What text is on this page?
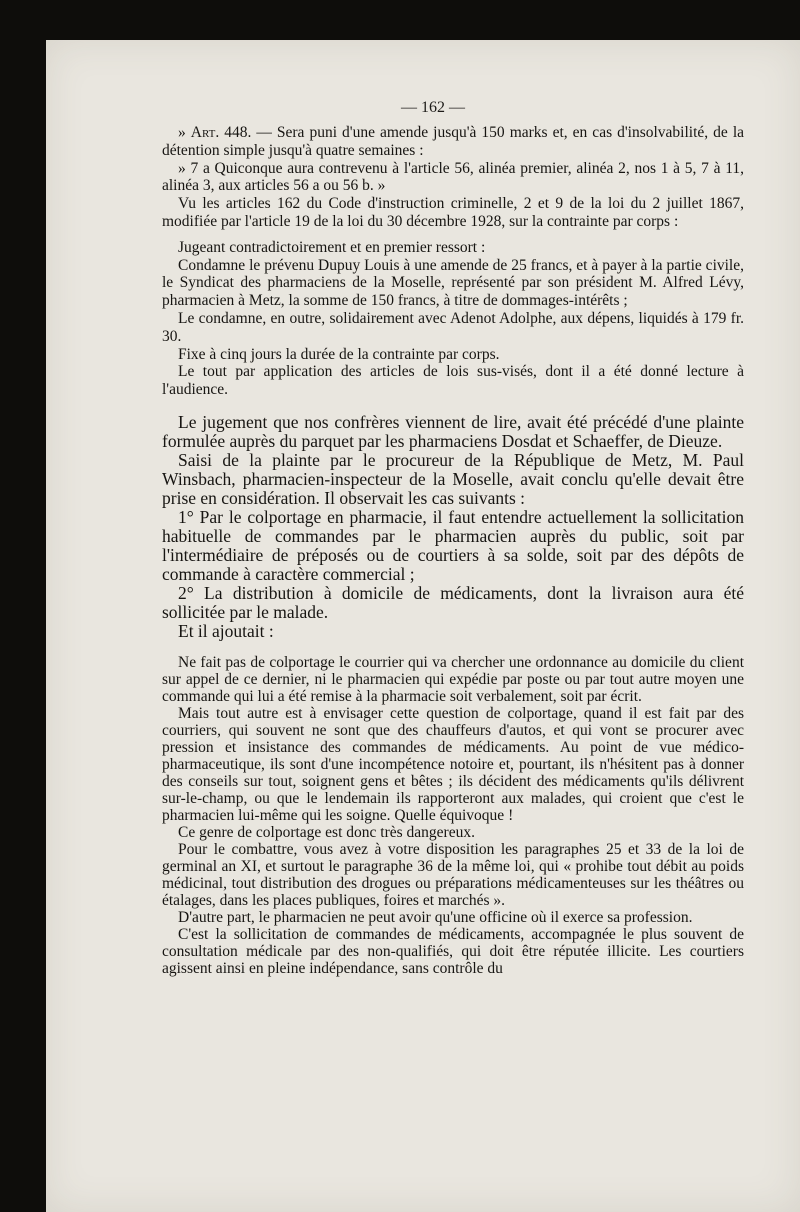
— 162 —

» Art. 448. — Sera puni d'une amende jusqu'à 150 marks et, en cas d'insolvabilité, de la détention simple jusqu'à quatre semaines :

» 7 a Quiconque aura contrevenu à l'article 56, alinéa premier, alinéa 2, nos 1 à 5, 7 à 11, alinéa 3, aux articles 56 a ou 56 b. »

Vu les articles 162 du Code d'instruction criminelle, 2 et 9 de la loi du 2 juillet 1867, modifiée par l'article 19 de la loi du 30 décembre 1928, sur la contrainte par corps :

Jugeant contradictoirement et en premier ressort :

Condamne le prévenu Dupuy Louis à une amende de 25 francs, et à payer à la partie civile, le Syndicat des pharmaciens de la Moselle, représenté par son président M. Alfred Lévy, pharmacien à Metz, la somme de 150 francs, à titre de dommages-intérêts ;

Le condamne, en outre, solidairement avec Adenot Adolphe, aux dépens, liquidés à 179 fr. 30.

Fixe à cinq jours la durée de la contrainte par corps.

Le tout par application des articles de lois sus-visés, dont il a été donné lecture à l'audience.

Le jugement que nos confrères viennent de lire, avait été précédé d'une plainte formulée auprès du parquet par les pharmaciens Dosdat et Schaeffer, de Dieuze.

Saisi de la plainte par le procureur de la République de Metz, M. Paul Winsbach, pharmacien-inspecteur de la Moselle, avait conclu qu'elle devait être prise en considération. Il observait les cas suivants :

1° Par le colportage en pharmacie, il faut entendre actuellement la sollicitation habituelle de commandes par le pharmacien auprès du public, soit par l'intermédiaire de préposés ou de courtiers à sa solde, soit par des dépôts de commande à caractère commercial ;

2° La distribution à domicile de médicaments, dont la livraison aura été sollicitée par le malade.

Et il ajoutait :

Ne fait pas de colportage le courrier qui va chercher une ordonnance au domicile du client sur appel de ce dernier, ni le pharmacien qui expédie par poste ou par tout autre moyen une commande qui lui a été remise à la pharmacie soit verbalement, soit par écrit.

Mais tout autre est à envisager cette question de colportage, quand il est fait par des courriers, qui souvent ne sont que des chauffeurs d'autos, et qui vont se procurer avec pression et insistance des commandes de médicaments. Au point de vue médico-pharmaceutique, ils sont d'une incompétence notoire et, pourtant, ils n'hésitent pas à donner des conseils sur tout, soignent gens et bêtes ; ils décident des médicaments qu'ils délivrent sur-le-champ, ou que le lendemain ils rapporteront aux malades, qui croient que c'est le pharmacien lui-même qui les soigne. Quelle équivoque !

Ce genre de colportage est donc très dangereux.

Pour le combattre, vous avez à votre disposition les paragraphes 25 et 33 de la loi de germinal an XI, et surtout le paragraphe 36 de la même loi, qui « prohibe tout débit au poids médicinal, tout distribution des drogues ou préparations médicamenteuses sur les théâtres ou étalages, dans les places publiques, foires et marchés ».

D'autre part, le pharmacien ne peut avoir qu'une officine où il exerce sa profession.

C'est la sollicitation de commandes de médicaments, accompagnée le plus souvent de consultation médicale par des non-qualifiés, qui doit être réputée illicite. Les courtiers agissent ainsi en pleine indépendance, sans contrôle du
